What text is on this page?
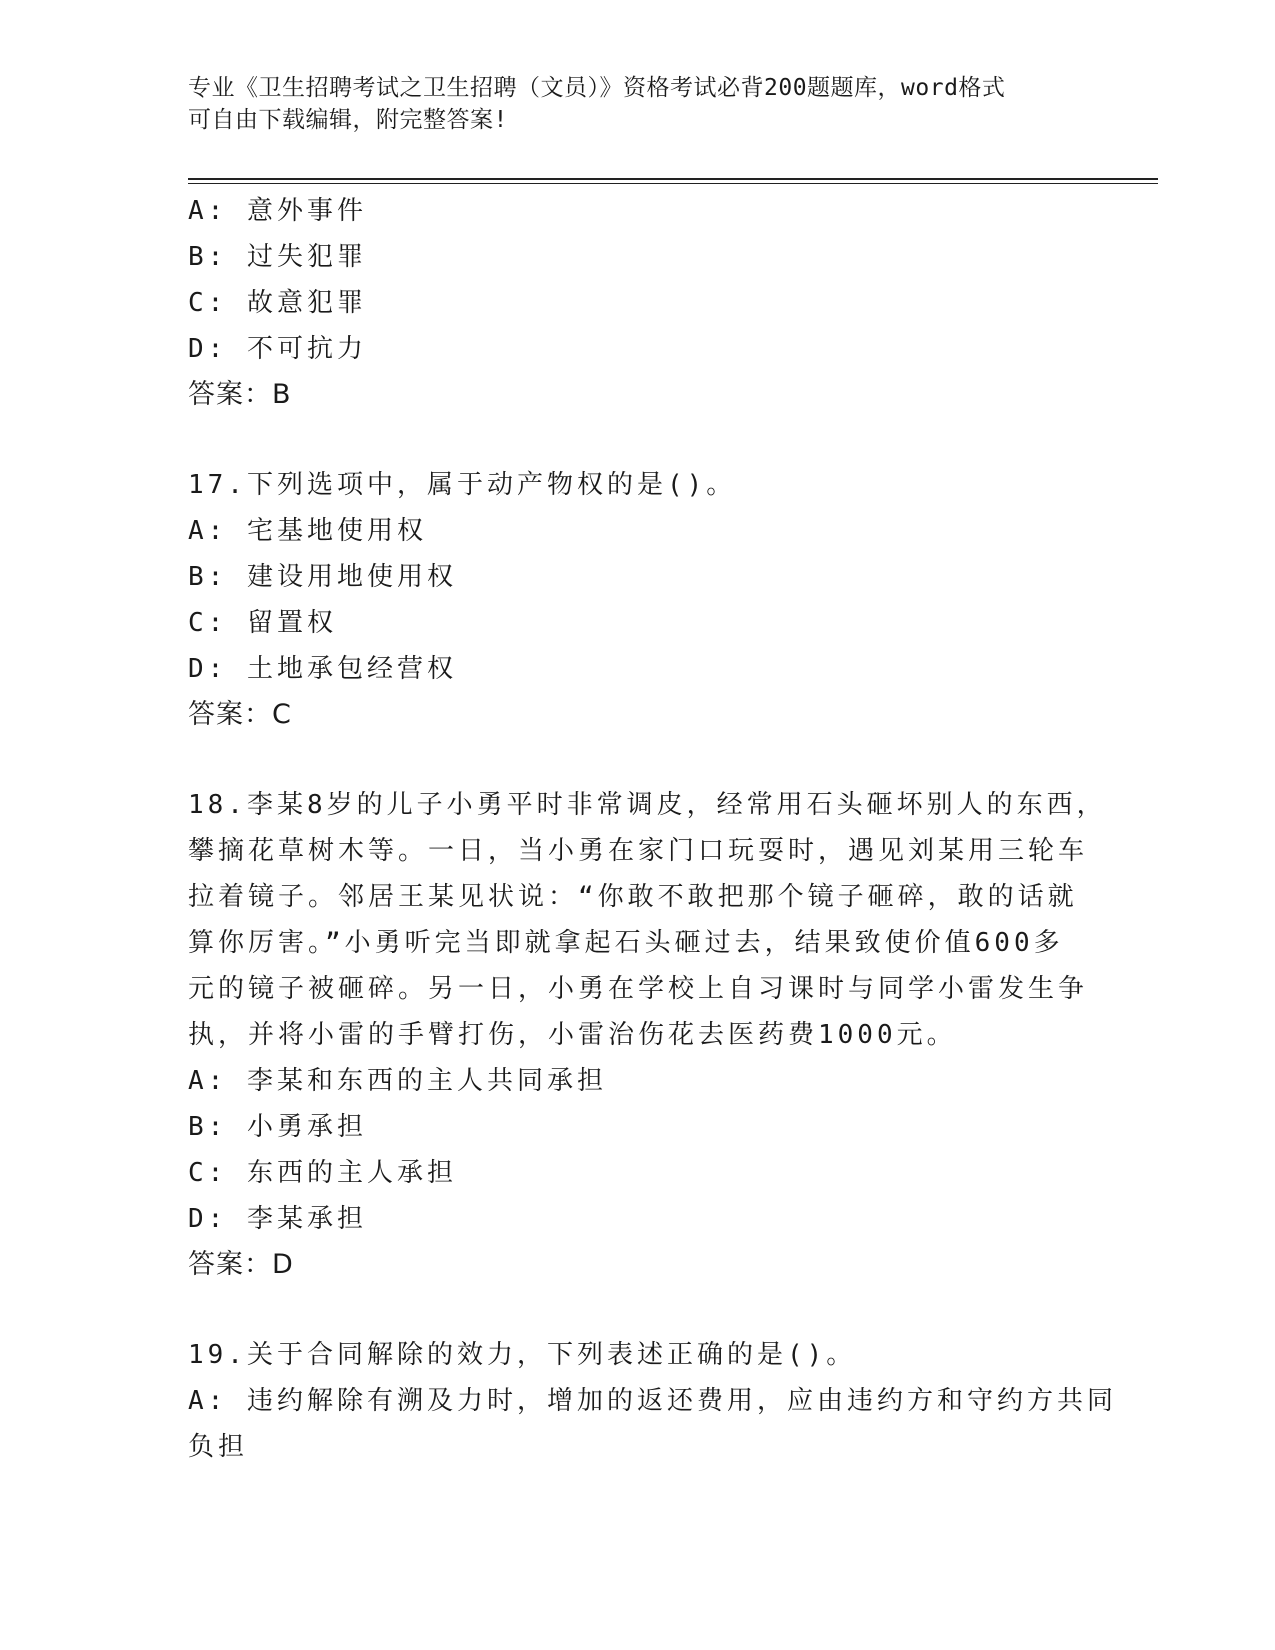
专业《卫生招聘考试之卫生招聘（文员）》资格考试必背200题题库，word格式
可自由下载编辑，附完整答案!
A: 意外事件
B: 过失犯罪
C: 故意犯罪
D: 不可抗力
答案：B
17.下列选项中，属于动产物权的是()。
A: 宅基地使用权
B: 建设用地使用权
C: 留置权
D: 土地承包经营权
答案：C
18.李某8岁的儿子小勇平时非常调皮，经常用石头砸坏别人的东西，
攀摘花草树木等。一日，当小勇在家门口玩耍时，遇见刘某用三轮车
拉着镜子。邻居王某见状说：“你敢不敢把那个镜子砸碎，敢的话就
算你厉害。”小勇听完当即就拿起石头砸过去，结果致使价值600多
元的镜子被砸碎。另一日，小勇在学校上自习课时与同学小雷发生争
执，并将小雷的手臂打伤，小雷治伤花去医药费1000元。
A: 李某和东西的主人共同承担
B: 小勇承担
C: 东西的主人承担
D: 李某承担
答案：D
19.关于合同解除的效力，下列表述正确的是()。
A: 违约解除有溯及力时，增加的返还费用，应由违约方和守约方共同
负担
